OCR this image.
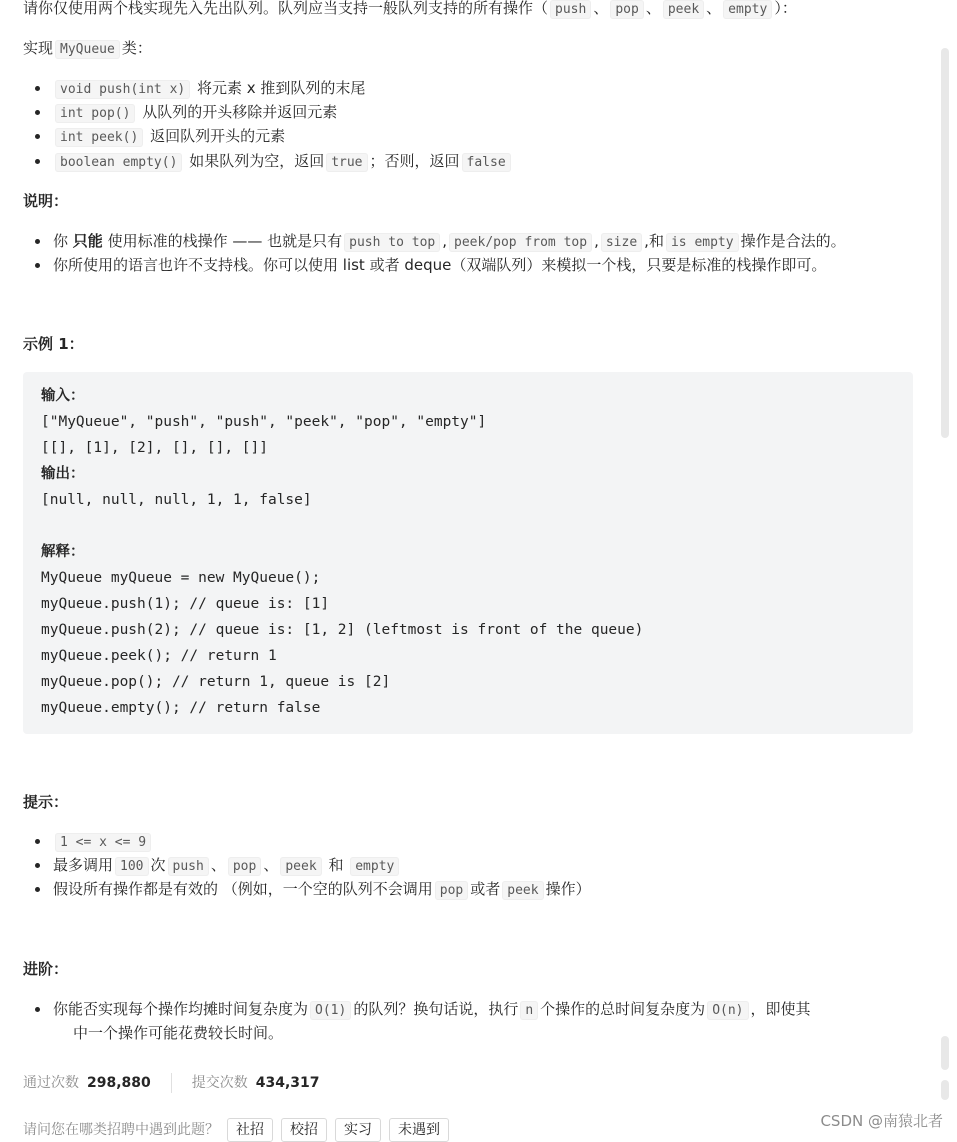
请你仅使用两个栈实现先入先出队列。队列应当支持一般队列支持的所有操作（ push 、 pop 、 peek 、 empty ）：
实现 MyQueue 类：
void push(int x) 将元素 x 推到队列的末尾
int pop() 从队列的开头移除并返回元素
int peek() 返回队列开头的元素
boolean empty() 如果队列为空，返回 true ；否则，返回 false
说明：
你 只能 使用标准的栈操作 —— 也就是只有 push to top , peek/pop from top , size ,和 is empty 操作是合法的。
你所使用的语言也许不支持栈。你可以使用 list 或者 deque（双端队列）来模拟一个栈，只要是标准的栈操作即可。
示例 1：
输入：
["MyQueue", "push", "push", "peek", "pop", "empty"]
[[], [1], [2], [], [], []]
输出：
[null, null, null, 1, 1, false]
解释：
MyQueue myQueue = new MyQueue();
myQueue.push(1); // queue is: [1]
myQueue.push(2); // queue is: [1, 2] (leftmost is front of the queue)
myQueue.peek(); // return 1
myQueue.pop(); // return 1, queue is [2]
myQueue.empty(); // return false
提示：
1 <= x <= 9
最多调用 100 次 push 、 pop 、 peek 和 empty
假设所有操作都是有效的 （例如，一个空的队列不会调用 pop 或者 peek 操作）
进阶：
你能否实现每个操作均摊时间复杂度为 O(1) 的队列？换句话说，执行 n 个操作的总时间复杂度为 O(n) ，即使其
中一个操作可能花费较长时间。
通过次数 298,880	提交次数 434,317
请问您在哪类招聘中遇到此题？ 社招 校招 实习 未遇到	CSDN @南猿北者
